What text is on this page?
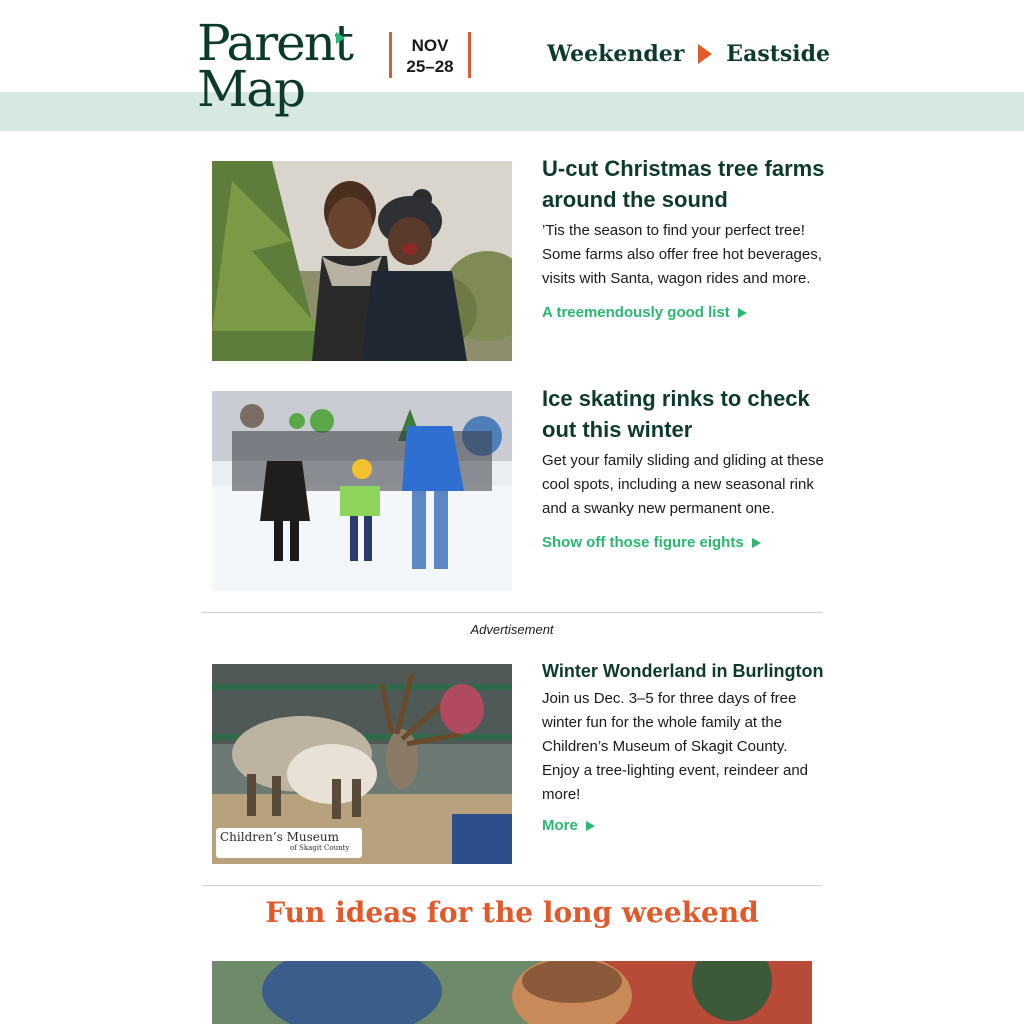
Parent
Map
NOV
25–28	Weekender Eastside
U-cut Christmas tree farms around the sound

’Tis the season to find your perfect tree! Some farms also offer free hot beverages, visits with Santa, wagon rides and more.

A treemendously good list
Ice skating rinks to check out this winter

Get your family sliding and gliding at these cool spots, including a new seasonal rink and a swanky new permanent one.

Show off those figure eights
Advertisement
Children’s Museum
of Skagit County
Winter Wonderland in Burlington

Join us Dec. 3–5 for three days of free winter fun for the whole family at the Children’s Museum of Skagit County. Enjoy a tree-lighting event, reindeer and more!

More
Fun ideas for the long weekend
